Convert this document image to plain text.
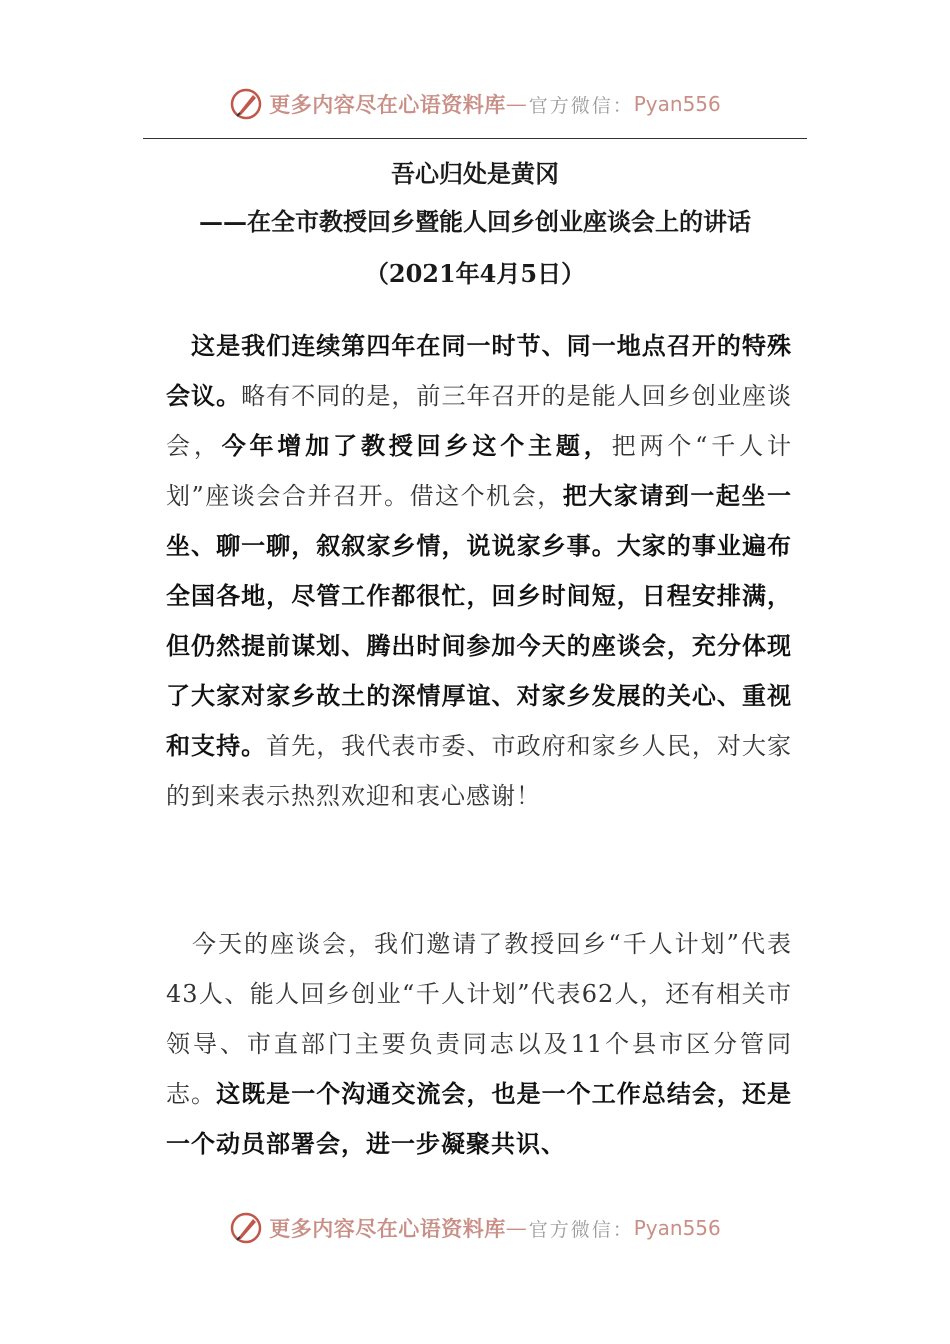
更多内容尽在心语资料库 — 官方微信： Pyan556
吾心归处是黄冈
——在全市教授回乡暨能人回乡创业座谈会上的讲话
（2021年4月5日）

　这是我们连续第四年在同一时节、同一地点召开的特殊会议。略有不同的是，前三年召开的是能人回乡创业座谈会，今年增加了教授回乡这个主题，把两个“千人计划”座谈会合并召开。借这个机会，把大家请到一起坐一坐、聊一聊，叙叙家乡情，说说家乡事。大家的事业遍布全国各地，尽管工作都很忙，回乡时间短，日程安排满，但仍然提前谋划、腾出时间参加今天的座谈会，充分体现了大家对家乡故土的深情厚谊、对家乡发展的关心、重视和支持。首先，我代表市委、市政府和家乡人民，对大家的到来表示热烈欢迎和衷心感谢！

　今天的座谈会，我们邀请了教授回乡“千人计划”代表43人、能人回乡创业“千人计划”代表62人，还有相关市领导、市直部门主要负责同志以及11个县市区分管同志。这既是一个沟通交流会，也是一个工作总结会，还是一个动员部署会，进一步凝聚共识、

更多内容尽在心语资料库 — 官方微信： Pyan556
